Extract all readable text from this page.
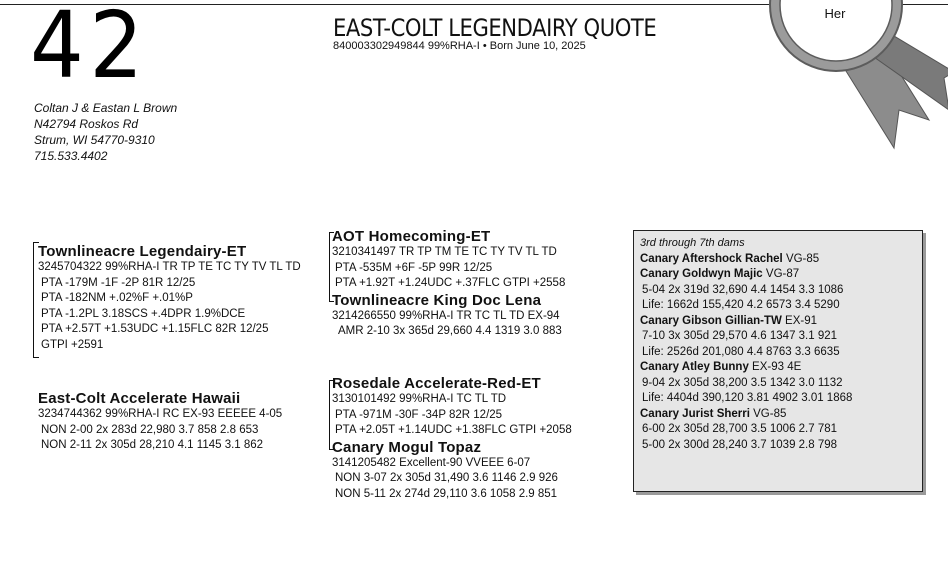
42
Coltan J & Eastan L Brown
N42794 Roskos Rd
Strum, WI 54770-9310
715.533.4402
EAST-COLT LEGENDAIRY QUOTE
840003302949844 99%RHA-I • Born June 10, 2025
Her
Townlineacre Legendairy-ET
3245704322 99%RHA-I TR TP TE TC TY TV TL TD
PTA -179M -1F -2P 81R 12/25
PTA -182NM +.02%F +.01%P
PTA -1.2PL 3.18SCS +.4DPR 1.9%DCE
PTA +2.57T +1.53UDC +1.15FLC 82R 12/25
GTPI +2591
East-Colt Accelerate Hawaii
3234744362 99%RHA-I RC EX-93 EEEEE 4-05
NON 2-00 2x 283d 22,980 3.7 858 2.8 653
NON 2-11 2x 305d 28,210 4.1 1145 3.1 862
AOT Homecoming-ET
3210341497 TR TP TM TE TC TY TV TL TD
PTA -535M +6F -5P 99R 12/25
PTA +1.92T +1.24UDC +.37FLC GTPI +2558
Townlineacre King Doc Lena
3214266550 99%RHA-I TR TC TL TD EX-94
AMR 2-10 3x 365d 29,660 4.4 1319 3.0 883
Rosedale Accelerate-Red-ET
3130101492 99%RHA-I TC TL TD
PTA -971M -30F -34P 82R 12/25
PTA +2.05T +1.14UDC +1.38FLC GTPI +2058
Canary Mogul Topaz
3141205482 Excellent-90 VVEEE 6-07
NON 3-07 2x 305d 31,490 3.6 1146 2.9 926
NON 5-11 2x 274d 29,110 3.6 1058 2.9 851
3rd through 7th dams
Canary Aftershock Rachel VG-85
Canary Goldwyn Majic VG-87
5-04 2x 319d 32,690 4.4 1454 3.3 1086
Life: 1662d 155,420 4.2 6573 3.4 5290
Canary Gibson Gillian-TW EX-91
7-10 3x 305d 29,570 4.6 1347 3.1 921
Life: 2526d 201,080 4.4 8763 3.3 6635
Canary Atley Bunny EX-93 4E
9-04 2x 305d 38,200 3.5 1342 3.0 1132
Life: 4404d 390,120 3.81 4902 3.01 1868
Canary Jurist Sherri VG-85
6-00 2x 305d 28,700 3.5 1006 2.7 781
5-00 2x 300d 28,240 3.7 1039 2.8 798
